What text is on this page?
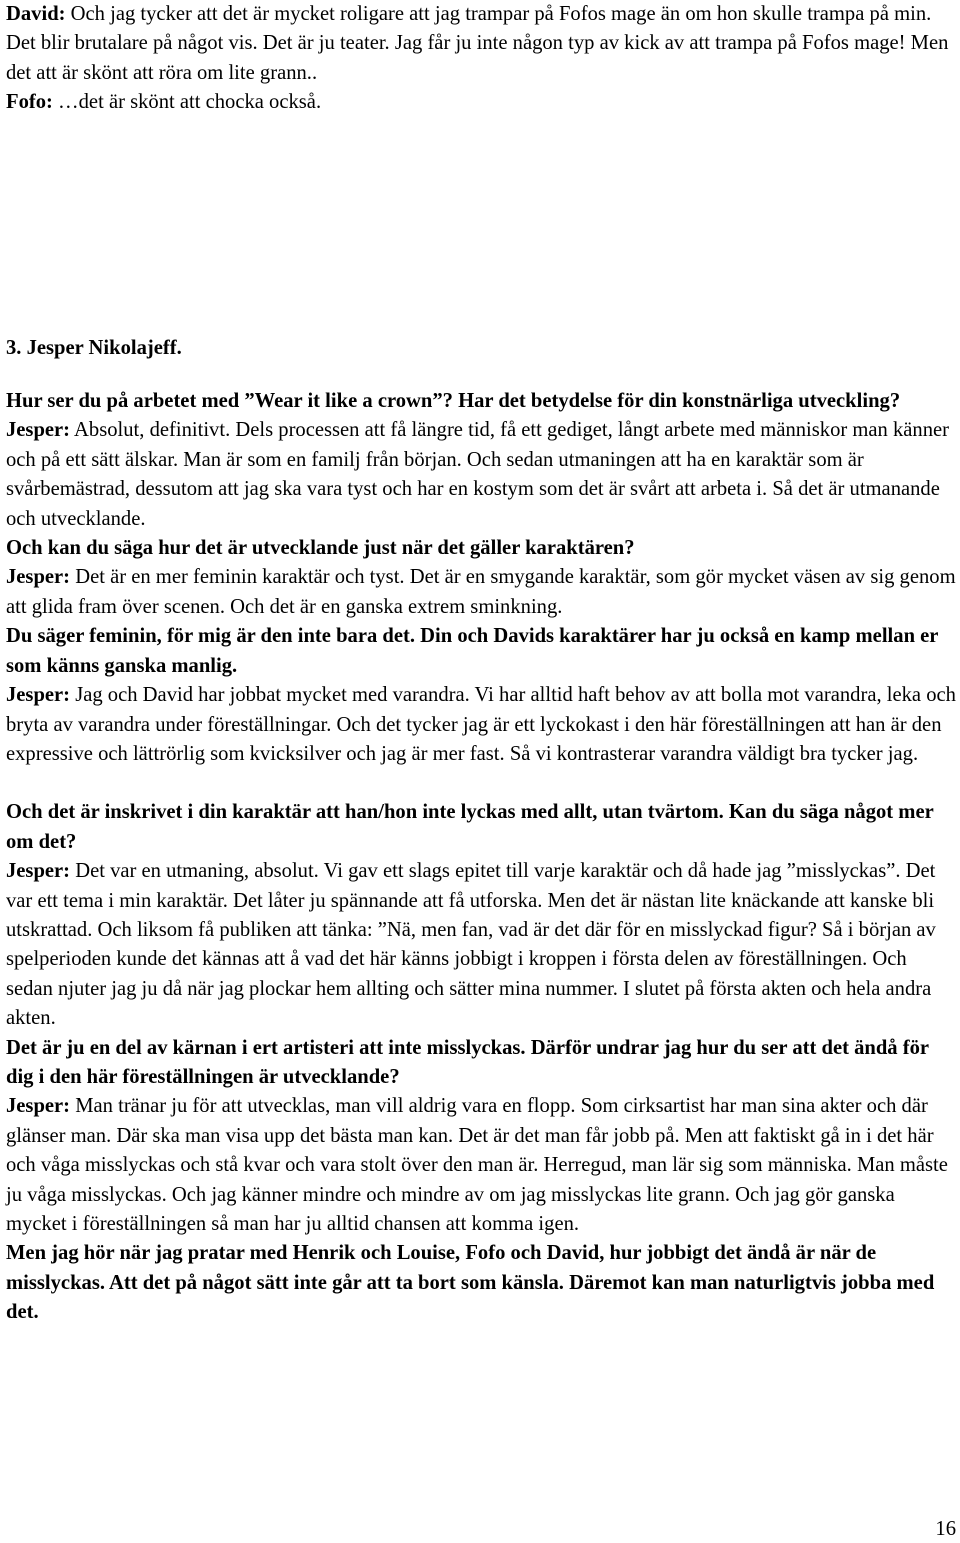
David: Och jag tycker att det är mycket roligare att jag trampar på Fofos mage än om hon skulle trampa på min. Det blir brutalare på något vis. Det är ju teater. Jag får ju inte någon typ av kick av att trampa på Fofos mage! Men det att är skönt att röra om lite grann..
Fofo: …det är skönt att chocka också.

3. Jesper Nikolajeff.

Hur ser du på arbetet med ”Wear it like a crown”? Har det betydelse för din konstnärliga utveckling?

Jesper: Absolut, definitivt. Dels processen att få längre tid, få ett gediget, långt arbete med människor man känner och på ett sätt älskar. Man är som en familj från början. Och sedan utmaningen att ha en karaktär som är svårbemästrad, dessutom att jag ska vara tyst och har en kostym som det är svårt att arbeta i. Så det är utmanande och utvecklande.

Och kan du säga hur det är utvecklande just när det gäller karaktären?

Jesper: Det är en mer feminin karaktär och tyst. Det är en smygande karaktär, som gör mycket väsen av sig genom att glida fram över scenen. Och det är en ganska extrem sminkning.

Du säger feminin, för mig är den inte bara det. Din och Davids karaktärer har ju också en kamp mellan er som känns ganska manlig.

Jesper: Jag och David har jobbat mycket med varandra. Vi har alltid haft behov av att bolla mot varandra, leka och bryta av varandra under föreställningar. Och det tycker jag är ett lyckokast i den här föreställningen att han är den expressive och lättrörlig som kvicksilver och jag är mer fast. Så vi kontrasterar varandra väldigt bra tycker jag.

Och det är inskrivet i din karaktär att han/hon inte lyckas med allt, utan tvärtom. Kan du säga något mer om det?

Jesper: Det var en utmaning, absolut. Vi gav ett slags epitet till varje karaktär och då hade jag ”misslyckas”. Det var ett tema i min karaktär. Det låter ju spännande att få utforska. Men det är nästan lite knäckande att kanske bli utskrattad. Och liksom få publiken att tänka: ”Nä, men fan, vad är det där för en misslyckad figur? Så i början av spelperioden kunde det kännas att å vad det här känns jobbigt i kroppen i första delen av föreställningen. Och sedan njuter jag ju då när jag plockar hem allting och sätter mina nummer. I slutet på första akten och hela andra akten.

Det är ju en del av kärnan i ert artisteri att inte misslyckas. Därför undrar jag hur du ser att det ändå för dig i den här föreställningen är utvecklande?

Jesper: Man tränar ju för att utvecklas, man vill aldrig vara en flopp. Som cirksartist har man sina akter och där glänser man. Där ska man visa upp det bästa man kan. Det är det man får jobb på. Men att faktiskt gå in i det här och våga misslyckas och stå kvar och vara stolt över den man är. Herregud, man lär sig som människa. Man måste ju våga misslyckas. Och jag känner mindre och mindre av om jag misslyckas lite grann. Och jag gör ganska mycket i föreställningen så man har ju alltid chansen att komma igen.

Men jag hör när jag pratar med Henrik och Louise, Fofo och David, hur jobbigt det ändå är när de misslyckas. Att det på något sätt inte går att ta bort som känsla. Däremot kan man naturligtvis jobba med det.

16
